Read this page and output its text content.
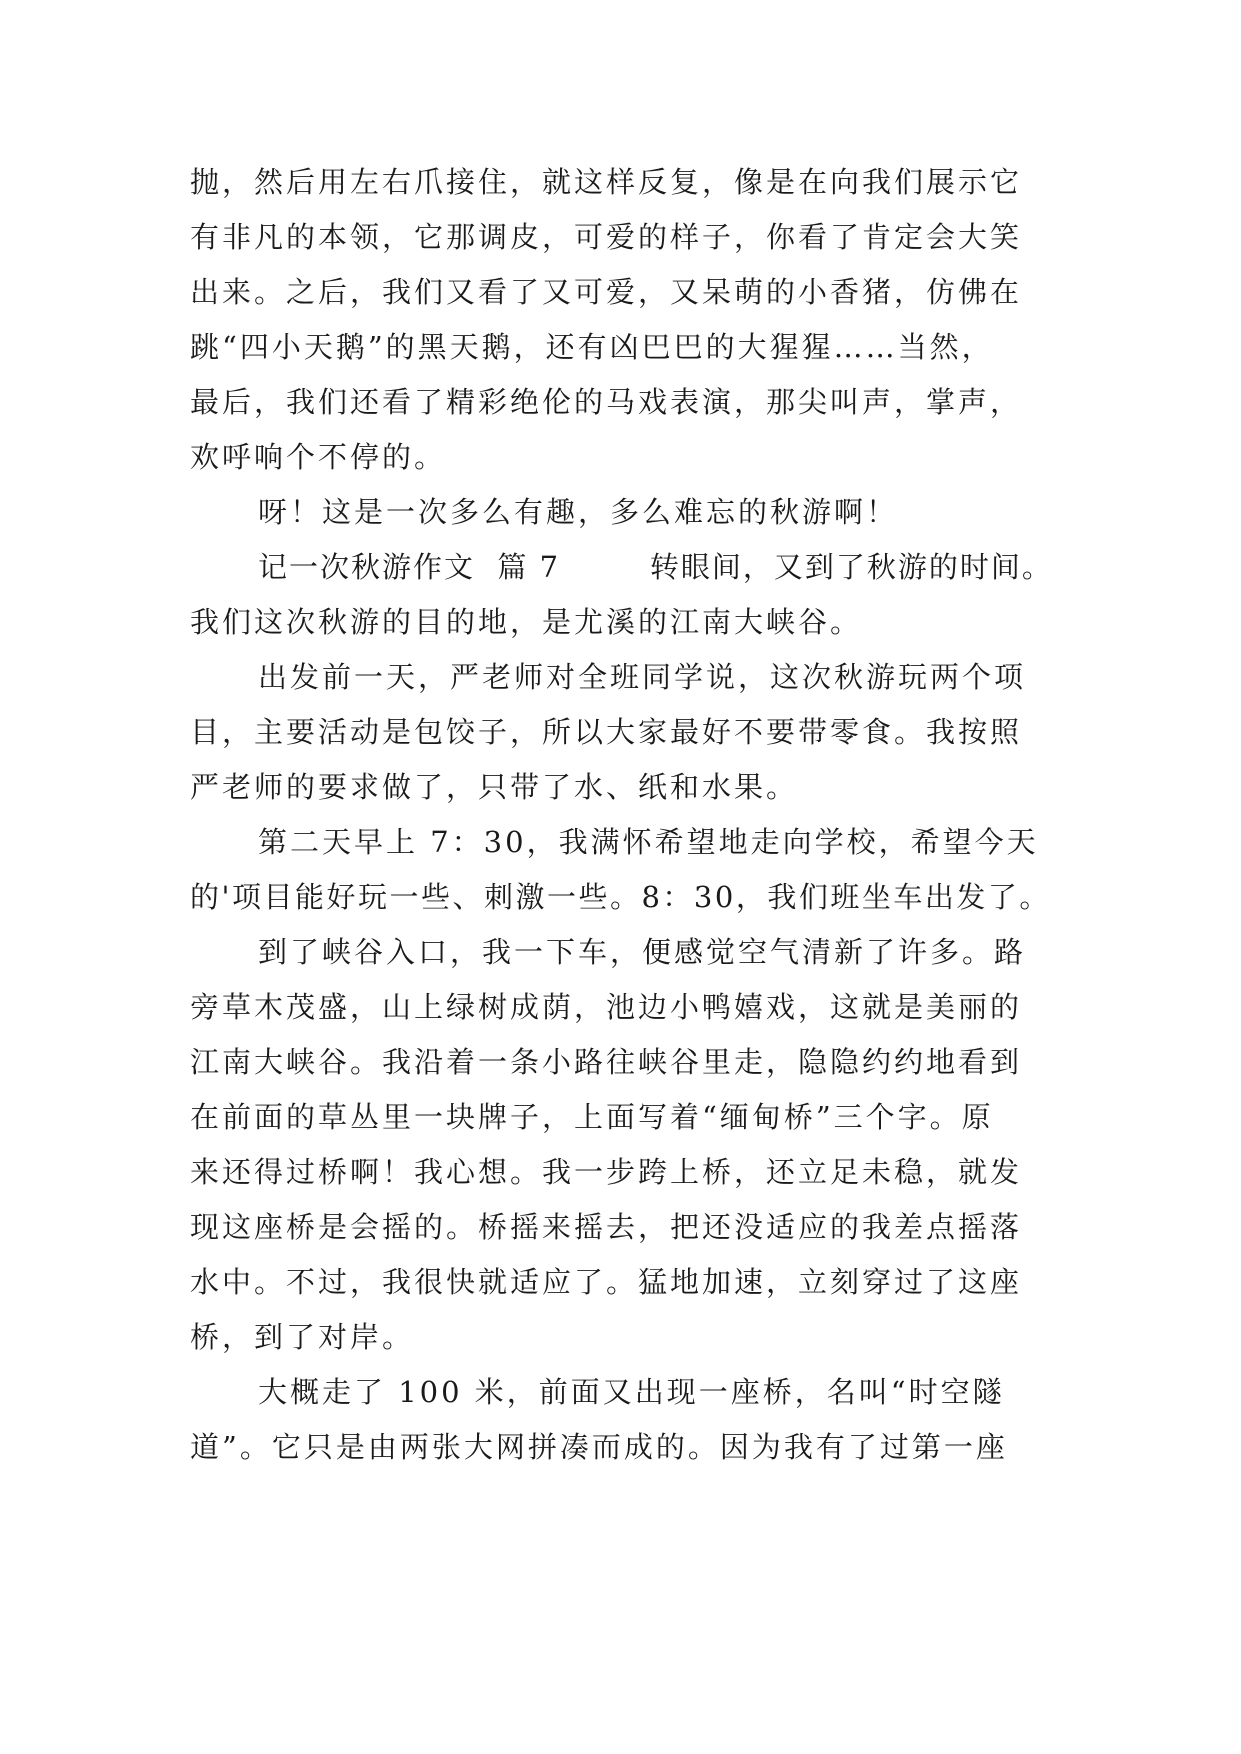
抛，然后用左右爪接住，就这样反复，像是在向我们展示它
有非凡的本领，它那调皮，可爱的样子，你看了肯定会大笑
出来。之后，我们又看了又可爱，又呆萌的小香猪，仿佛在
跳“四小天鹅”的黑天鹅，还有凶巴巴的大猩猩……当然，
最后，我们还看了精彩绝伦的马戏表演，那尖叫声，掌声，
欢呼响个不停的。
呀！这是一次多么有趣，多么难忘的秋游啊！
记一次秋游作文  篇 7        转眼间，又到了秋游的时间。
我们这次秋游的目的地，是尤溪的江南大峡谷。
出发前一天，严老师对全班同学说，这次秋游玩两个项
目，主要活动是包饺子，所以大家最好不要带零食。我按照
严老师的要求做了，只带了水、纸和水果。
第二天早上 7：30，我满怀希望地走向学校，希望今天
的'项目能好玩一些、刺激一些。8：30，我们班坐车出发了。
到了峡谷入口，我一下车，便感觉空气清新了许多。路
旁草木茂盛，山上绿树成荫，池边小鸭嬉戏，这就是美丽的
江南大峡谷。我沿着一条小路往峡谷里走，隐隐约约地看到
在前面的草丛里一块牌子，上面写着“缅甸桥”三个字。原
来还得过桥啊！我心想。我一步跨上桥，还立足未稳，就发
现这座桥是会摇的。桥摇来摇去，把还没适应的我差点摇落
水中。不过，我很快就适应了。猛地加速，立刻穿过了这座
桥，到了对岸。
大概走了 100 米，前面又出现一座桥，名叫“时空隧
道”。它只是由两张大网拼凑而成的。因为我有了过第一座
